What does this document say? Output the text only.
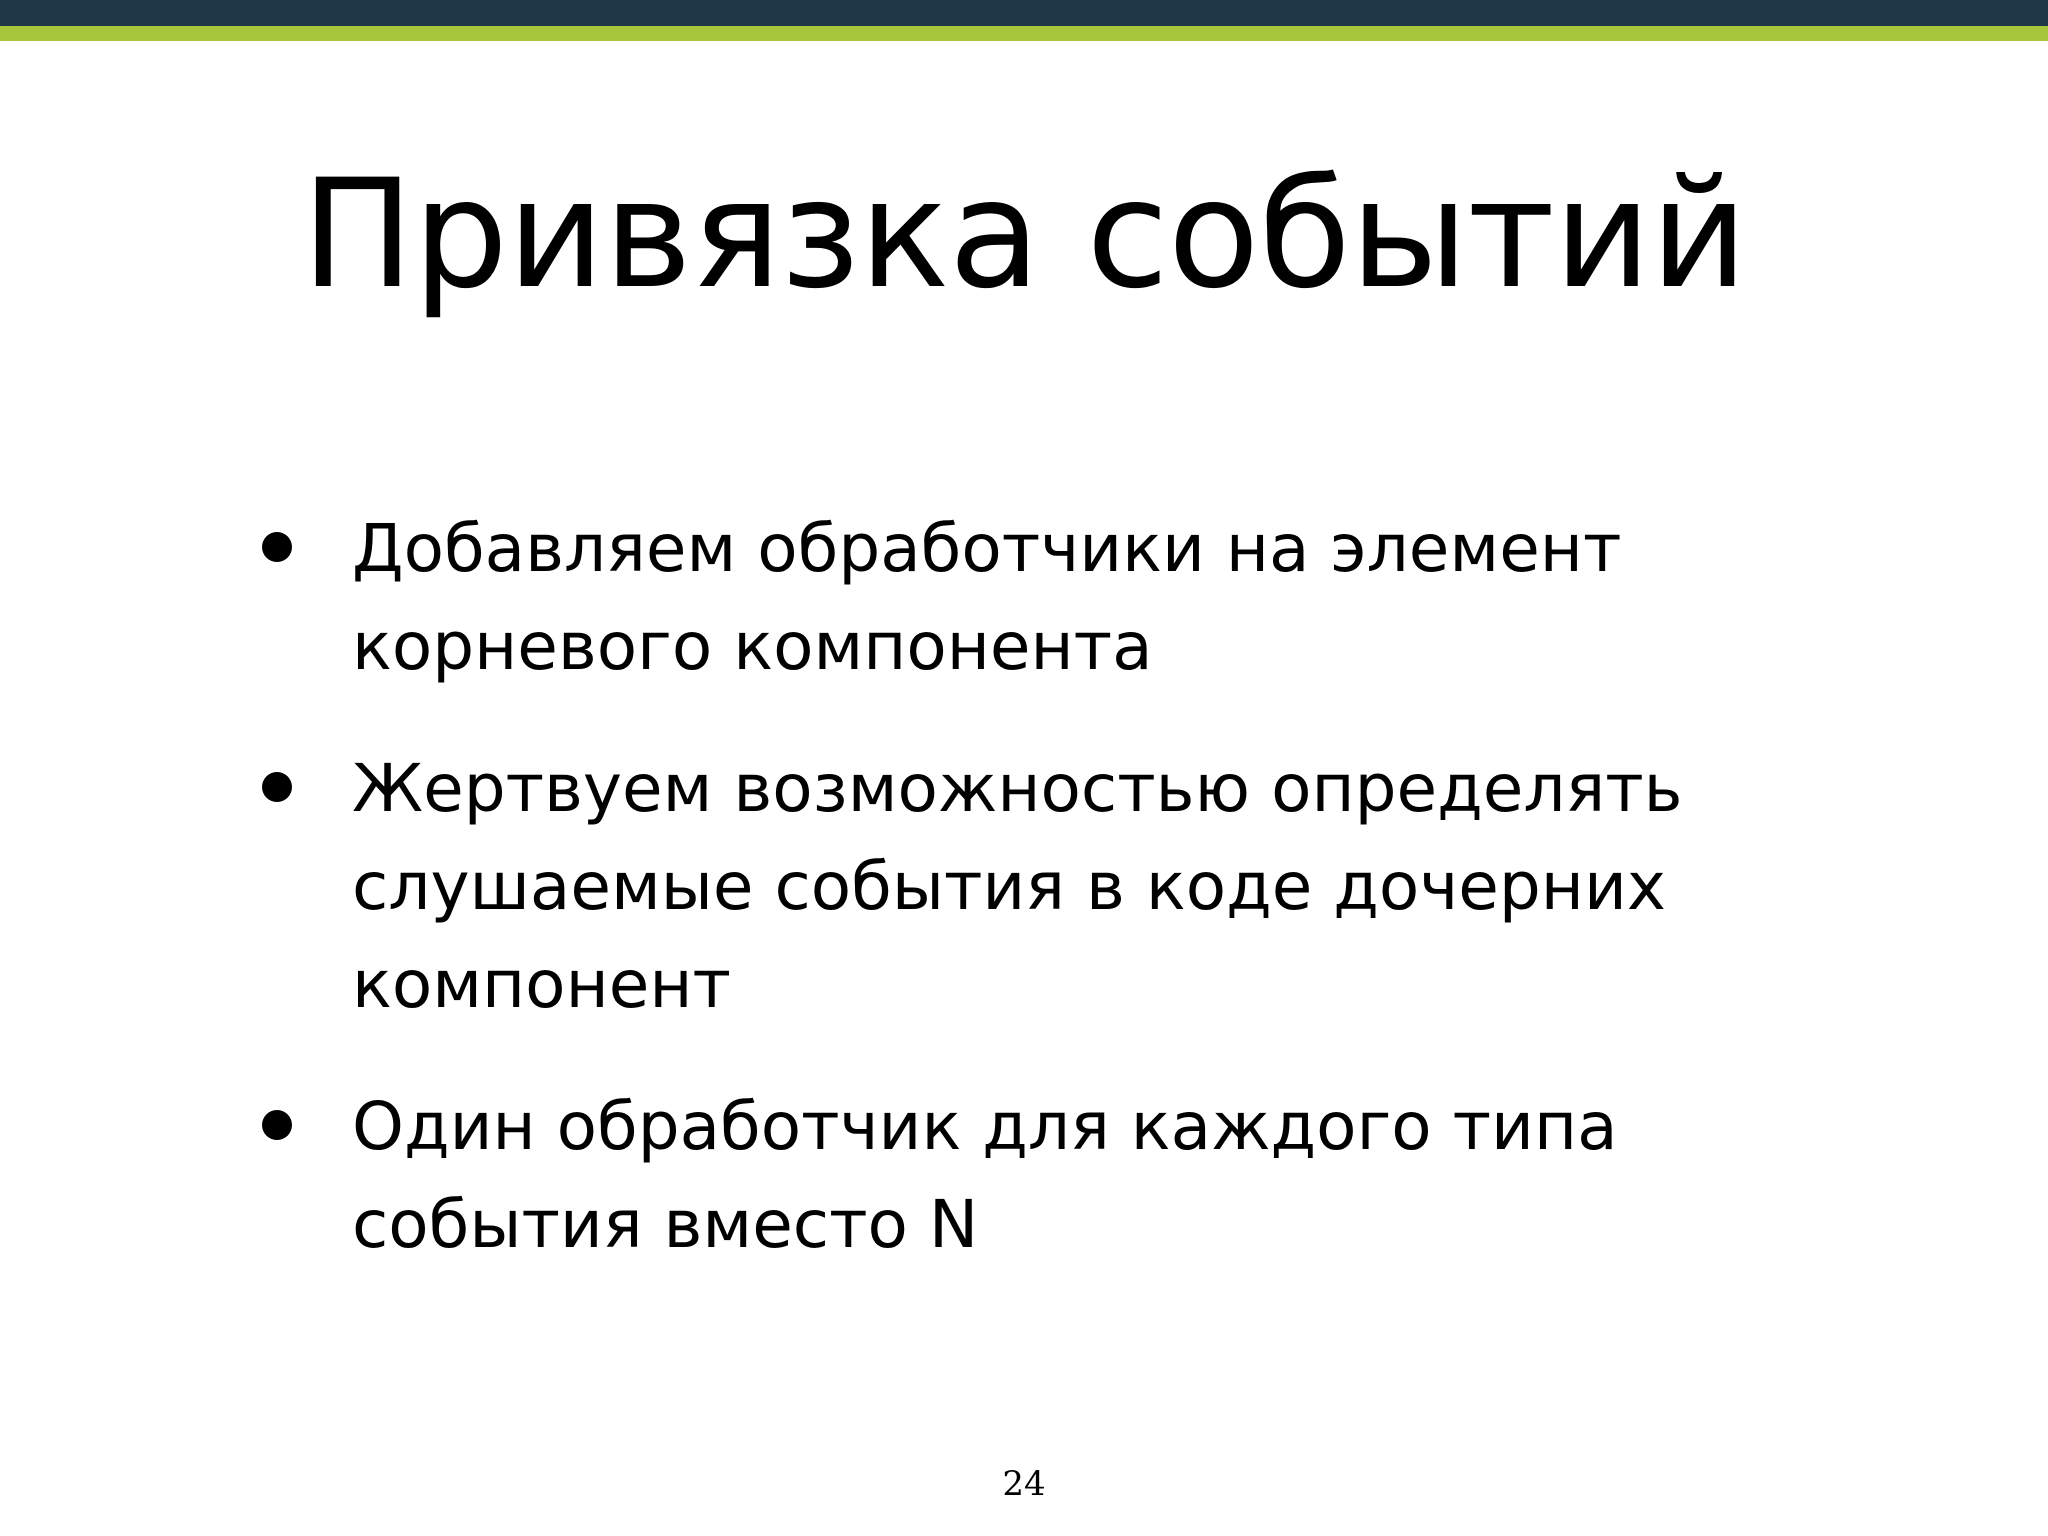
Привязка событий
Добавляем обработчики на элемент корневого компонента
Жертвуем возможностью определять слушаемые события в коде дочерних компонент
Один обработчик для каждого типа события вместо N
24
